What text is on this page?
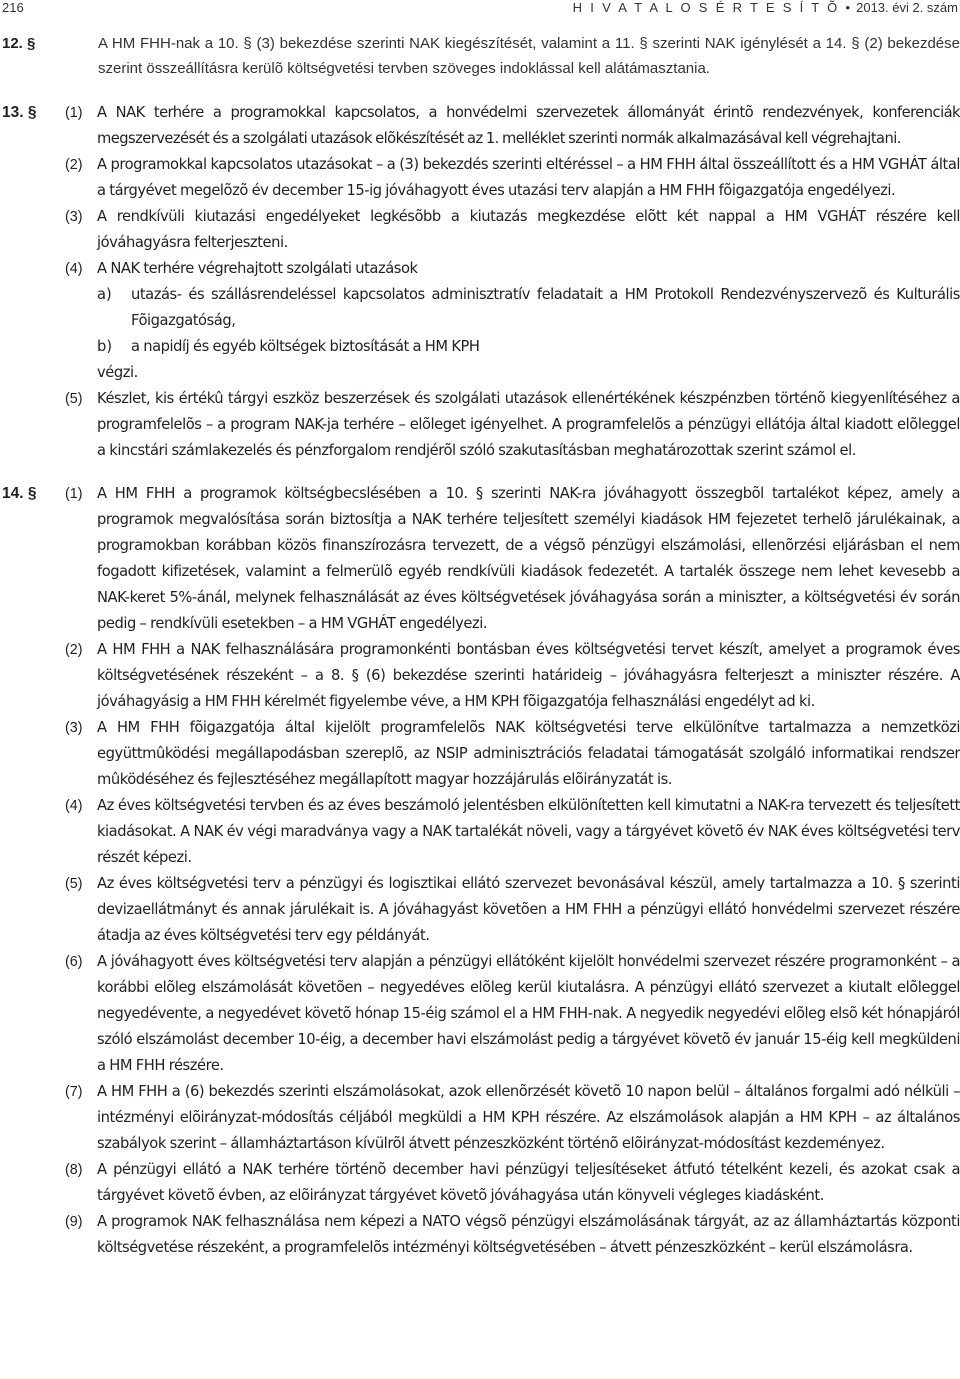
216	H I V A T A L O S É R T E S Í T Õ • 2013. évi 2. szám
12. §	A HM FHH-nak a 10. § (3) bekezdése szerinti NAK kiegészítését, valamint a 11. § szerinti NAK igénylését a 14. § (2) bekezdése szerint összeállításra kerülõ költségvetési tervben szöveges indoklással kell alátámasztania.
13. §	(1) A NAK terhére a programokkal kapcsolatos, a honvédelmi szervezetek állományát érintõ rendezvények, konferenciák megszervezését és a szolgálati utazások elõkészítését az 1. melléklet szerinti normák alkalmazásával kell végrehajtani.
(2) A programokkal kapcsolatos utazásokat – a (3) bekezdés szerinti eltéréssel – a HM FHH által összeállított és a HM VGHÁT által a tárgyévet megelõzõ év december 15-ig jóváhagyott éves utazási terv alapján a HM FHH fõigazgatója engedélyezi.
(3) A rendkívüli kiutazási engedélyeket legkésõbb a kiutazás megkezdése elõtt két nappal a HM VGHÁT részére kell jóváhagyásra felterjeszteni.
(4) A NAK terhére végrehajtott szolgálati utazások
a) utazás- és szállásrendeléssel kapcsolatos adminisztratív feladatait a HM Protokoll Rendezvényszervezõ és Kulturális Fõigazgatóság,
b) a napidíj és egyéb költségek biztosítását a HM KPH
végzi.
(5) Készlet, kis értékû tárgyi eszköz beszerzések és szolgálati utazások ellenértékének készpénzben történõ kiegyenlítéséhez a programfelelõs – a program NAK-ja terhére – elõleget igényelhet. A programfelelõs a pénzügyi ellátója által kiadott elõleggel a kincstári számlakezelés és pénzforgalom rendjérõl szóló szakutasításban meghatározottak szerint számol el.
14. §	(1) A HM FHH a programok költségbecslésében a 10. § szerinti NAK-ra jóváhagyott összegbõl tartalékot képez, amely a programok megvalósítása során biztosítja a NAK terhére teljesített személyi kiadások HM fejezetet terhelõ járulékainak, a programokban korábban közös finanszírozásra tervezett, de a végsõ pénzügyi elszámolási, ellenõrzési eljárásban el nem fogadott kifizetések, valamint a felmerülõ egyéb rendkívüli kiadások fedezetét. A tartalék összege nem lehet kevesebb a NAK-keret 5%-ánál, melynek felhasználását az éves költségvetések jóváhagyása során a miniszter, a költségvetési év során pedig – rendkívüli esetekben – a HM VGHÁT engedélyezi.
(2) A HM FHH a NAK felhasználására programonkénti bontásban éves költségvetési tervet készít, amelyet a programok éves költségvetésének részeként – a 8. § (6) bekezdése szerinti határideig – jóváhagyásra felterjeszt a miniszter részére. A jóváhagyásig a HM FHH kérelmét figyelembe véve, a HM KPH fõigazgatója felhasználási engedélyt ad ki.
(3) A HM FHH fõigazgatója által kijelölt programfelelõs NAK költségvetési terve elkülönítve tartalmazza a nemzetközi együttmûködési megállapodásban szereplõ, az NSIP adminisztrációs feladatai támogatását szolgáló informatikai rendszer mûködéséhez és fejlesztéséhez megállapított magyar hozzájárulás elõirányzatát is.
(4) Az éves költségvetési tervben és az éves beszámoló jelentésben elkülönítetten kell kimutatni a NAK-ra tervezett és teljesített kiadásokat. A NAK év végi maradványa vagy a NAK tartalékát növeli, vagy a tárgyévet követõ év NAK éves költségvetési terv részét képezi.
(5) Az éves költségvetési terv a pénzügyi és logisztikai ellátó szervezet bevonásával készül, amely tartalmazza a 10. § szerinti devizaellátmányt és annak járulékait is. A jóváhagyást követõen a HM FHH a pénzügyi ellátó honvédelmi szervezet részére átadja az éves költségvetési terv egy példányát.
(6) A jóváhagyott éves költségvetési terv alapján a pénzügyi ellátóként kijelölt honvédelmi szervezet részére programonként – a korábbi elõleg elszámolását követõen – negyedéves elõleg kerül kiutalásra. A pénzügyi ellátó szervezet a kiutalt elõleggel negyedévente, a negyedévet követõ hónap 15-éig számol el a HM FHH-nak. A negyedik negyedévi elõleg elsõ két hónapjáról szóló elszámolást december 10-éig, a december havi elszámolást pedig a tárgyévet követõ év január 15-éig kell megküldeni a HM FHH részére.
(7) A HM FHH a (6) bekezdés szerinti elszámolásokat, azok ellenõrzését követõ 10 napon belül – általános forgalmi adó nélküli – intézményi elõirányzat-módosítás céljából megküldi a HM KPH részére. Az elszámolások alapján a HM KPH – az általános szabályok szerint – államháztartáson kívülrõl átvett pénzeszközként történõ elõirányzat-módosítást kezdeményez.
(8) A pénzügyi ellátó a NAK terhére történõ december havi pénzügyi teljesítéseket átfutó tételként kezeli, és azokat csak a tárgyévet követõ évben, az elõirányzat tárgyévet követõ jóváhagyása után könyveli végleges kiadásként.
(9) A programok NAK felhasználása nem képezi a NATO végsõ pénzügyi elszámolásának tárgyát, az az államháztartás központi költségvetése részeként, a programfelelõs intézményi költségvetésében – átvett pénzeszközként – kerül elszámolásra.
